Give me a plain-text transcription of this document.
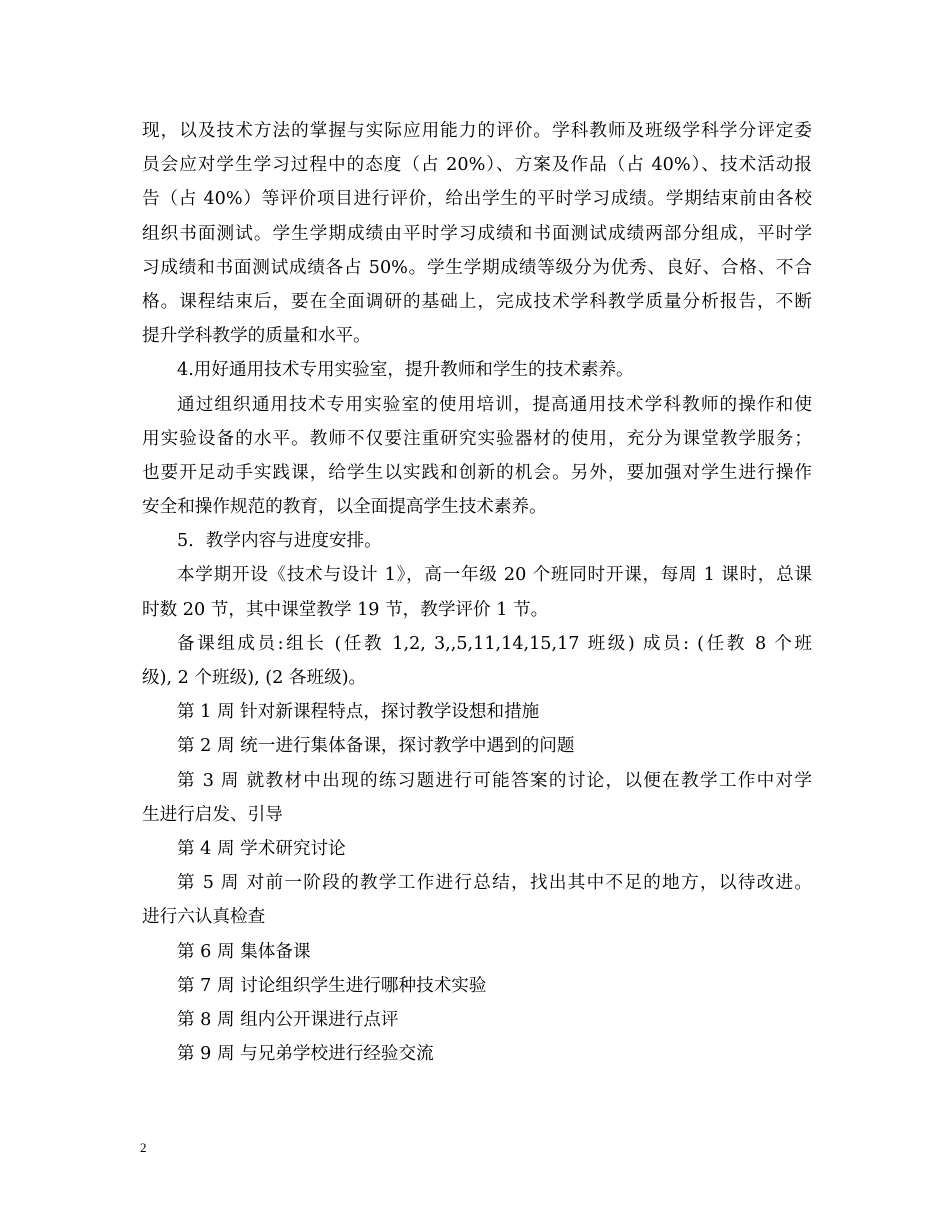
现，以及技术方法的掌握与实际应用能力的评价。学科教师及班级学科学分评定委
员会应对学生学习过程中的态度（占 20%）、方案及作品（占 40%）、技术活动报
告（占 40%）等评价项目进行评价，给出学生的平时学习成绩。学期结束前由各校
组织书面测试。学生学期成绩由平时学习成绩和书面测试成绩两部分组成，平时学
习成绩和书面测试成绩各占 50%。学生学期成绩等级分为优秀、良好、合格、不合
格。课程结束后，要在全面调研的基础上，完成技术学科教学质量分析报告，不断
提升学科教学的质量和水平。
4.用好通用技术专用实验室，提升教师和学生的技术素养。
通过组织通用技术专用实验室的使用培训，提高通用技术学科教师的操作和使
用实验设备的水平。教师不仅要注重研究实验器材的使用，充分为课堂教学服务；
也要开足动手实践课，给学生以实践和创新的机会。另外，要加强对学生进行操作
安全和操作规范的教育，以全面提高学生技术素养。
5．教学内容与进度安排。
本学期开设《技术与设计 1》，高一年级 20 个班同时开课，每周 1 课时，总课
时数 20 节，其中课堂教学 19 节，教学评价 1 节。
备课组成员:组长 (任教 1,2, 3,,5,11,14,15,17 班级) 成员: (任教 8 个班
级), 2 个班级), (2 各班级)。
第 1 周 针对新课程特点，探讨教学设想和措施
第 2 周 统一进行集体备课，探讨教学中遇到的问题
第 3 周 就教材中出现的练习题进行可能答案的讨论，以便在教学工作中对学
生进行启发、引导
第 4 周 学术研究讨论
第 5 周 对前一阶段的教学工作进行总结，找出其中不足的地方，以待改进。
进行六认真检查
第 6 周 集体备课
第 7 周 讨论组织学生进行哪种技术实验
第 8 周 组内公开课进行点评
第 9 周 与兄弟学校进行经验交流
2
